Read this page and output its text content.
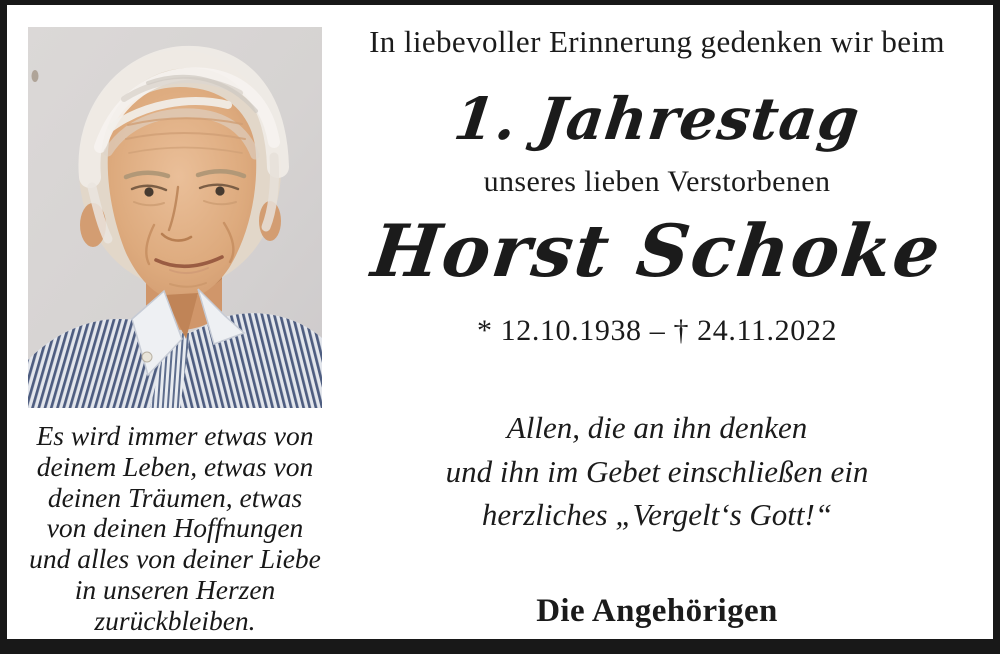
Es wird immer etwas von
deinem Leben, etwas von
deinen Träumen, etwas
von deinen Hoffnungen
und alles von deiner Liebe
in unseren Herzen
zurückbleiben.
In liebevoller Erinnerung gedenken wir beim
1. Jahrestag
unseres lieben Verstorbenen
Horst Schoke
* 12.10.1938 – † 24.11.2022
Allen, die an ihn denken
und ihn im Gebet einschließen ein
herzliches „Vergelt‘s Gott!“
Die Angehörigen
